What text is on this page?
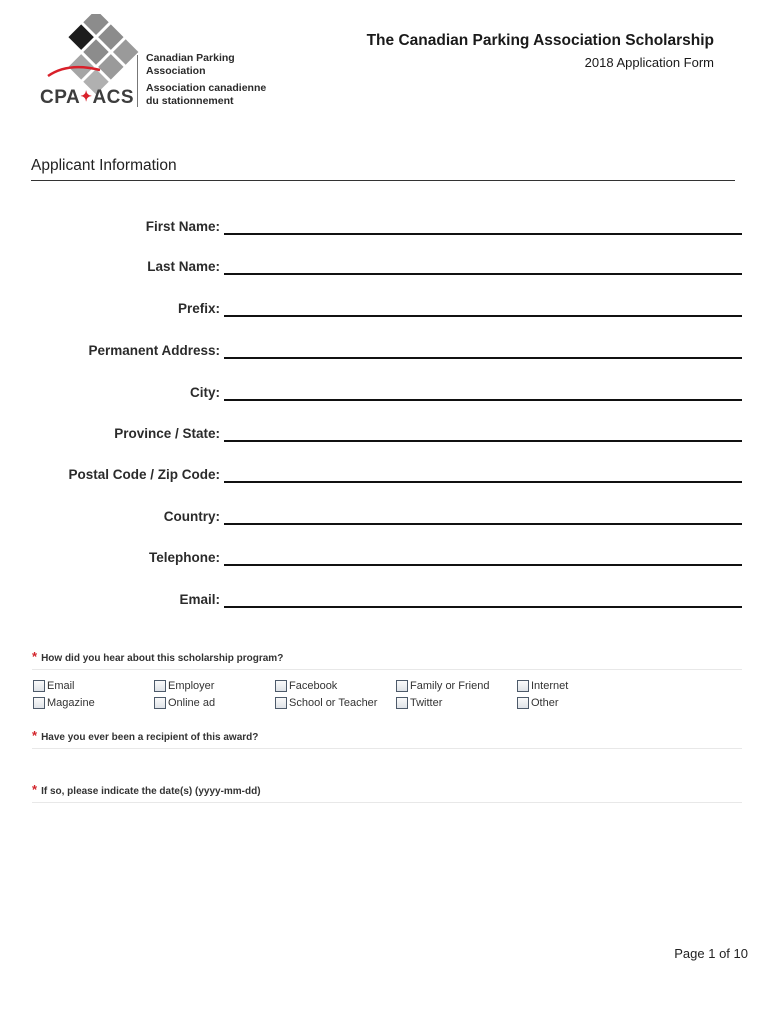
CPA✦ACS
Canadian Parking
Association
Association canadienne
du stationnement
The Canadian Parking Association Scholarship
2018 Application Form
Applicant Information
First Name:
Last Name:
Prefix:
Permanent Address:
City:
Province / State:
Postal Code / Zip Code:
Country:
Telephone:
Email:
* How did you hear about this scholarship program?
Email	Employer	Facebook	Family or Friend	Internet
Magazine	Online ad	School or Teacher	Twitter	Other
* Have you ever been a recipient of this award?
* If so, please indicate the date(s) (yyyy-mm-dd)
Page 1 of 10
